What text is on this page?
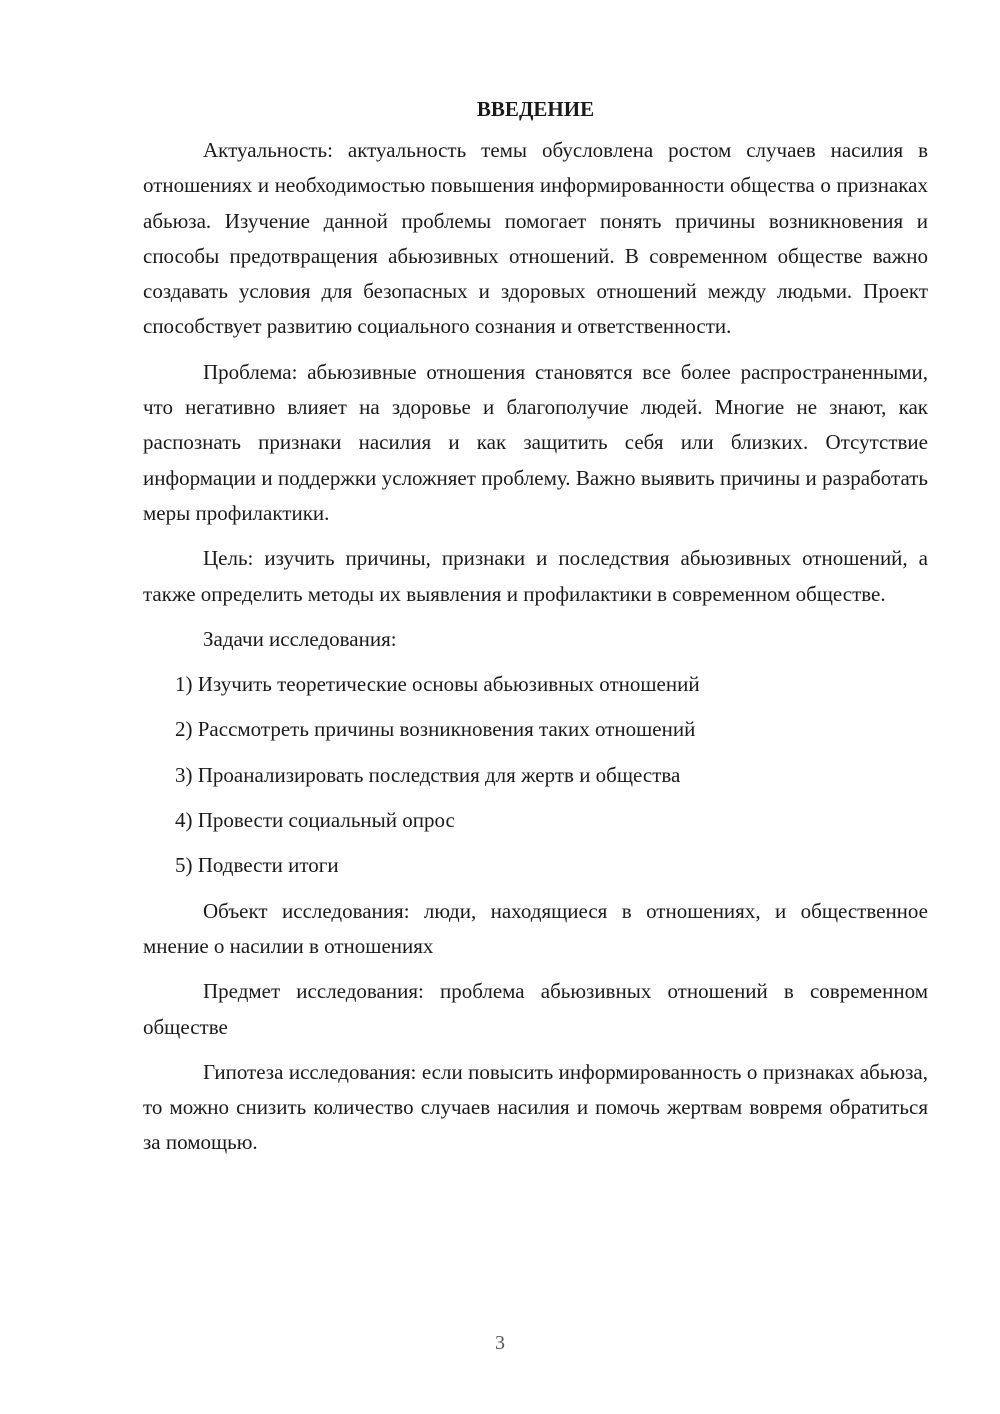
ВВЕДЕНИЕ

Актуальность: актуальность темы обусловлена ростом случаев насилия в отношениях и необходимостью повышения информированности общества о признаках абьюза. Изучение данной проблемы помогает понять причины возникновения и способы предотвращения абьюзивных отношений. В современном обществе важно создавать условия для безопасных и здоровых отношений между людьми. Проект способствует развитию социального сознания и ответственности.

Проблема: абьюзивные отношения становятся все более распространенными, что негативно влияет на здоровье и благополучие людей. Многие не знают, как распознать признаки насилия и как защитить себя или близких. Отсутствие информации и поддержки усложняет проблему. Важно выявить причины и разработать меры профилактики.

Цель: изучить причины, признаки и последствия абьюзивных отношений, а также определить методы их выявления и профилактики в современном обществе.

Задачи исследования:

1) Изучить теоретические основы абьюзивных отношений
2) Рассмотреть причины возникновения таких отношений
3) Проанализировать последствия для жертв и общества
4) Провести социальный опрос
5) Подвести итоги

Объект исследования: люди, находящиеся в отношениях, и общественное мнение о насилии в отношениях

Предмет исследования: проблема абьюзивных отношений в современном обществе

Гипотеза исследования: если повысить информированность о признаках абьюза, то можно снизить количество случаев насилия и помочь жертвам вовремя обратиться за помощью.

3
